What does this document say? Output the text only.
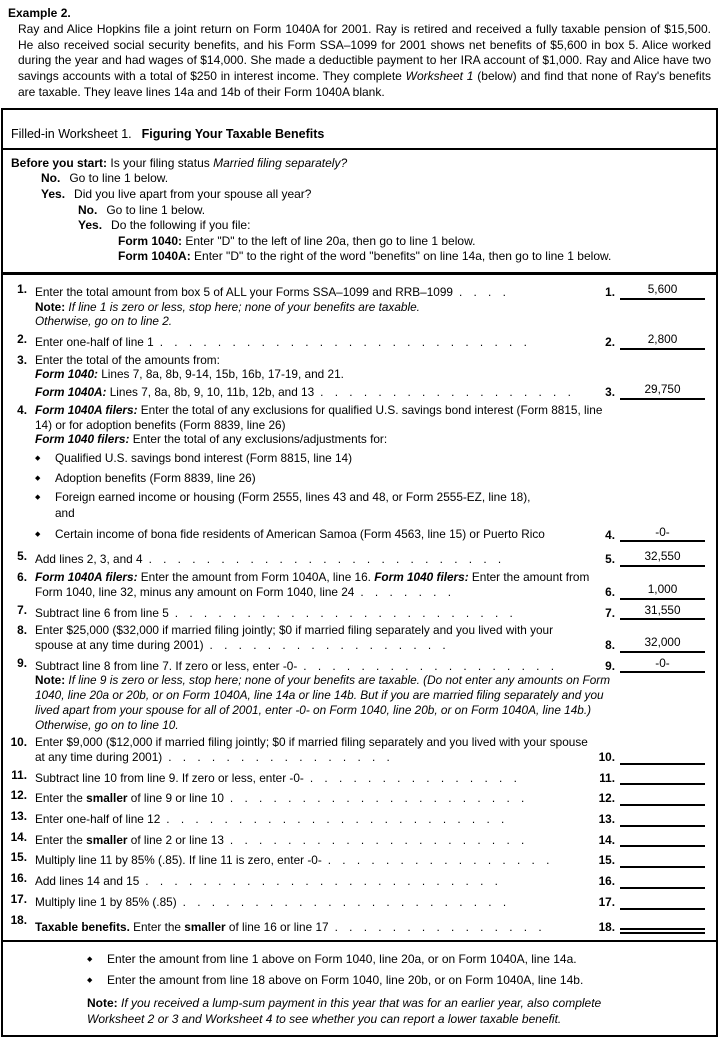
Example 2.
Ray and Alice Hopkins file a joint return on Form 1040A for 2001. Ray is retired and received a fully taxable pension of $15,500. He also received social security benefits, and his Form SSA–1099 for 2001 shows net benefits of $5,600 in box 5. Alice worked during the year and had wages of $14,000. She made a deductible payment to her IRA account of $1,000. Ray and Alice have two savings accounts with a total of $250 in interest income. They complete Worksheet 1 (below) and find that none of Ray's benefits are taxable. They leave lines 14a and 14b of their Form 1040A blank.
Filled-in Worksheet 1. Figuring Your Taxable Benefits
Before you start: Is your filing status Married filing separately?
No. Go to line 1 below.
Yes. Did you live apart from your spouse all year?
No. Go to line 1 below.
Yes. Do the following if you file:
Form 1040: Enter "D" to the left of line 20a, then go to line 1 below.
Form 1040A: Enter "D" to the right of the word "benefits" on line 14a, then go to line 1 below.
1. Enter the total amount from box 5 of ALL your Forms SSA–1099 and RRB–1099 . . . .	1.	5,600
Note: If line 1 is zero or less, stop here; none of your benefits are taxable.
Otherwise, go on to line 2.
2. Enter one-half of line 1 . . . . . . . . . . . . . . . . . . . . . . . . . .	2.	2,800
3. Enter the total of the amounts from:
Form 1040: Lines 7, 8a, 8b, 9-14, 15b, 16b, 17-19, and 21.
Form 1040A: Lines 7, 8a, 8b, 9, 10, 11b, 12b, and 13 . . . . . . . . . . . . . . . . . .	3.	29,750
4. Form 1040A filers: Enter the total of any exclusions for qualified U.S. savings bond interest (Form 8815, line 14) or for adoption benefits (Form 8839, line 26)
Form 1040 filers: Enter the total of any exclusions/adjustments for:
◆ Qualified U.S. savings bond interest (Form 8815, line 14)
◆ Adoption benefits (Form 8839, line 26)
◆ Foreign earned income or housing (Form 2555, lines 43 and 48, or Form 2555-EZ, line 18),
and
◆ Certain income of bona fide residents of American Samoa (Form 4563, line 15) or Puerto Rico	4.	-0-
5. Add lines 2, 3, and 4 . . . . . . . . . . . . . . . . . . . . . . . . .	5.	32,550
6. Form 1040A filers: Enter the amount from Form 1040A, line 16. Form 1040 filers: Enter the amount from Form 1040, line 32, minus any amount on Form 1040, line 24 . . . . . . .	6.	1,000
7. Subtract line 6 from line 5 . . . . . . . . . . . . . . . . . . . . . . . .	7.	31,550
8. Enter $25,000 ($32,000 if married filing jointly; $0 if married filing separately and you lived with your spouse at any time during 2001) . . . . . . . . . . . . . . . . .	8.	32,000
9. Subtract line 8 from line 7. If zero or less, enter -0- . . . . . . . . . . . . . . . . . .	9.	-0-
Note: If line 9 is zero or less, stop here; none of your benefits are taxable. (Do not enter any amounts on Form 1040, line 20a or 20b, or on Form 1040A, line 14a or line 14b. But if you are married filing separately and you lived apart from your spouse for all of 2001, enter -0- on Form 1040, line 20b, or on Form 1040A, line 14b.) Otherwise, go on to line 10.
10. Enter $9,000 ($12,000 if married filing jointly; $0 if married filing separately and you lived with your spouse at any time during 2001) . . . . . . . . . . . . . . . .	10.

11. Subtract line 10 from line 9. If zero or less, enter -0- . . . . . . . . . . . . . . .	11.

12. Enter the smaller of line 9 or line 10 . . . . . . . . . . . . . . . . . . . . .	12.

13. Enter one-half of line 12 . . . . . . . . . . . . . . . . . . . . . . . .	13.

14. Enter the smaller of line 2 or line 13 . . . . . . . . . . . . . . . . . . . . .	14.

15. Multiply line 11 by 85% (.85). If line 11 is zero, enter -0- . . . . . . . . . . . . . . . .	15.

16. Add lines 14 and 15 . . . . . . . . . . . . . . . . . . . . . . . . .	16.

17. Multiply line 1 by 85% (.85) . . . . . . . . . . . . . . . . . . . . . . .	17.

18. Taxable benefits. Enter the smaller of line 16 or line 17 . . . . . . . . . . . . . . .	18.

◆ Enter the amount from line 1 above on Form 1040, line 20a, or on Form 1040A, line 14a.
◆ Enter the amount from line 18 above on Form 1040, line 20b, or on Form 1040A, line 14b.
Note: If you received a lump-sum payment in this year that was for an earlier year, also complete Worksheet 2 or 3 and Worksheet 4 to see whether you can report a lower taxable benefit.
